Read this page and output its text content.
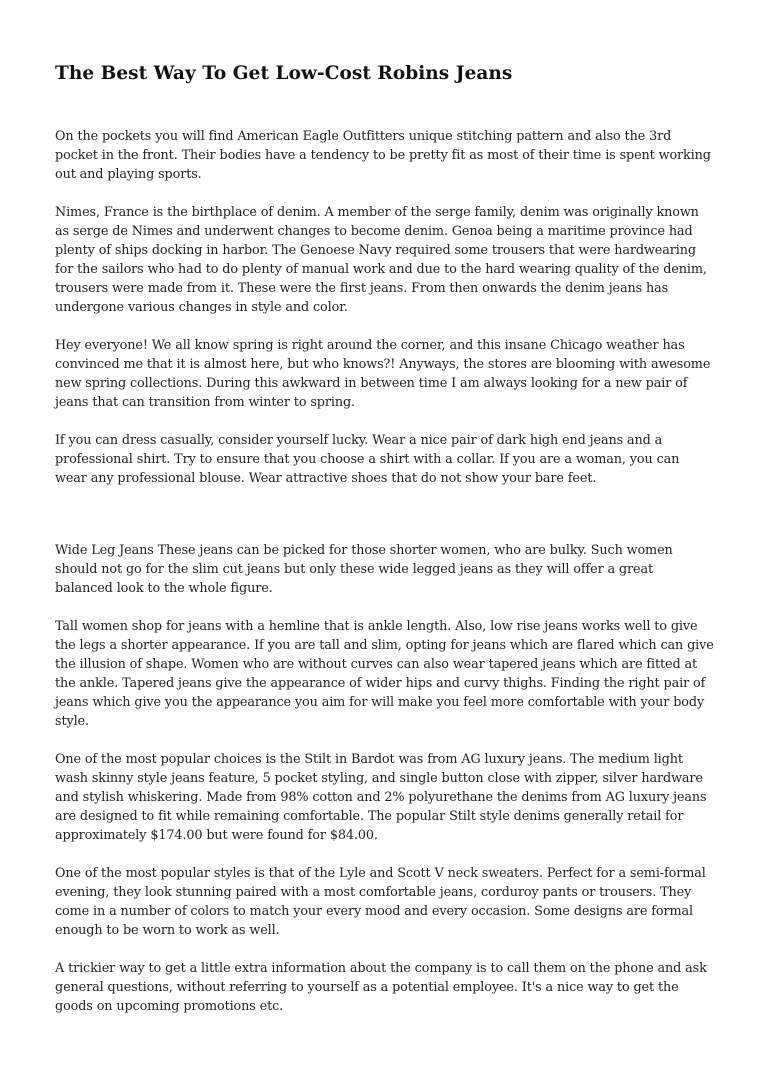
The Best Way To Get Low-Cost Robins Jeans

On the pockets you will find American Eagle Outfitters unique stitching pattern and also the 3rd pocket in the front. Their bodies have a tendency to be pretty fit as most of their time is spent working out and playing sports.

Nimes, France is the birthplace of denim. A member of the serge family, denim was originally known as serge de Nimes and underwent changes to become denim. Genoa being a maritime province had plenty of ships docking in harbor. The Genoese Navy required some trousers that were hardwearing for the sailors who had to do plenty of manual work and due to the hard wearing quality of the denim, trousers were made from it. These were the first jeans. From then onwards the denim jeans has undergone various changes in style and color.

Hey everyone! We all know spring is right around the corner, and this insane Chicago weather has convinced me that it is almost here, but who knows?! Anyways, the stores are blooming with awesome new spring collections. During this awkward in between time I am always looking for a new pair of jeans that can transition from winter to spring.

If you can dress casually, consider yourself lucky. Wear a nice pair of dark high end jeans and a professional shirt. Try to ensure that you choose a shirt with a collar. If you are a woman, you can wear any professional blouse. Wear attractive shoes that do not show your bare feet.

Wide Leg Jeans These jeans can be picked for those shorter women, who are bulky. Such women should not go for the slim cut jeans but only these wide legged jeans as they will offer a great balanced look to the whole figure.

Tall women shop for jeans with a hemline that is ankle length. Also, low rise jeans works well to give the legs a shorter appearance. If you are tall and slim, opting for jeans which are flared which can give the illusion of shape. Women who are without curves can also wear tapered jeans which are fitted at the ankle. Tapered jeans give the appearance of wider hips and curvy thighs. Finding the right pair of jeans which give you the appearance you aim for will make you feel more comfortable with your body style.

One of the most popular choices is the Stilt in Bardot was from AG luxury jeans. The medium light wash skinny style jeans feature, 5 pocket styling, and single button close with zipper, silver hardware and stylish whiskering. Made from 98% cotton and 2% polyurethane the denims from AG luxury jeans are designed to fit while remaining comfortable. The popular Stilt style denims generally retail for approximately $174.00 but were found for $84.00.

One of the most popular styles is that of the Lyle and Scott V neck sweaters. Perfect for a semi-formal evening, they look stunning paired with a most comfortable jeans, corduroy pants or trousers. They come in a number of colors to match your every mood and every occasion. Some designs are formal enough to be worn to work as well.

A trickier way to get a little extra information about the company is to call them on the phone and ask general questions, without referring to yourself as a potential employee. It's a nice way to get the goods on upcoming promotions etc.
